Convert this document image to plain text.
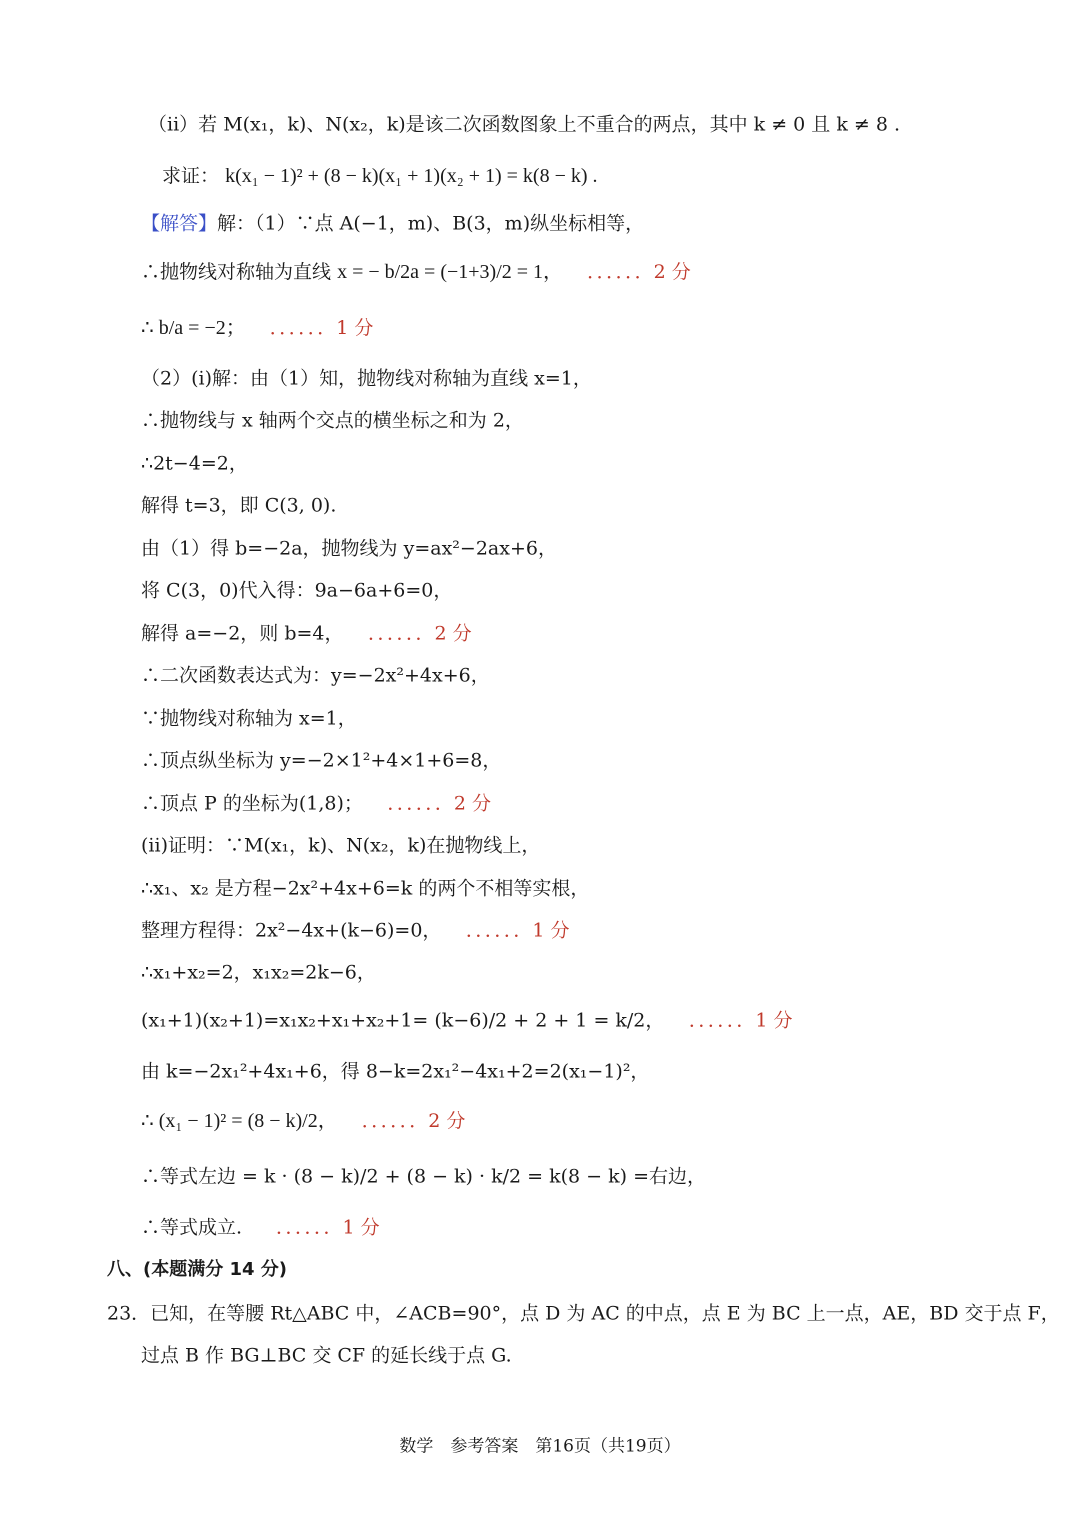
（ii）若 M(x₁，k)、N(x₂，k)是该二次函数图象上不重合的两点，其中 k ≠ 0 且 k ≠ 8 .
求证： k(x₁ − 1)² + (8 − k)(x₁ + 1)(x₂ + 1) = k(8 − k) .
【解答】解：（1）∵点 A(−1，m)、B(3，m)纵坐标相等，
∴抛物线对称轴为直线 x = − b/2a = (−1+3)/2 = 1， ．．．．．．2 分
∴ b/a = −2； ．．．．．．1 分
（2）(i)解：由（1）知，抛物线对称轴为直线 x=1，
∴抛物线与 x 轴两个交点的横坐标之和为 2，
∴2t−4=2，
解得 t=3，即 C(3, 0).
由（1）得 b=−2a，抛物线为 y=ax²−2ax+6，
将 C(3，0)代入得：9a−6a+6=0，
解得 a=−2，则 b=4， ．．．．．．2 分
∴二次函数表达式为：y=−2x²+4x+6，
∵抛物线对称轴为 x=1，
∴顶点纵坐标为 y=−2×1²+4×1+6=8，
∴顶点 P 的坐标为(1,8)； ．．．．．．2 分
(ii)证明：∵M(x₁，k)、N(x₂，k)在抛物线上，
∴x₁、x₂ 是方程−2x²+4x+6=k 的两个不相等实根，
整理方程得：2x²−4x+(k−6)=0， ．．．．．．1 分
∴x₁+x₂=2，x₁x₂=2k−6，
(x₁+1)(x₂+1)=x₁x₂+x₁+x₂+1= (k−6)/2 + 2 + 1 = k/2， ．．．．．．1 分
由 k=−2x₁²+4x₁+6，得 8−k=2x₁²−4x₁+2=2(x₁−1)²，
∴ (x₁ − 1)² = (8 − k)/2， ．．．．．．2 分
∴等式左边 = k · (8 − k)/2 + (8 − k) · k/2 = k(8 − k) =右边，
∴等式成立. ．．．．．．1 分
八、(本题满分 14 分)
23．已知，在等腰 Rt△ABC 中，∠ACB=90°，点 D 为 AC 的中点，点 E 为 BC 上一点，AE，BD 交于点 F，
过点 B 作 BG⊥BC 交 CF 的延长线于点 G.
数学　参考答案　第16页（共19页）
